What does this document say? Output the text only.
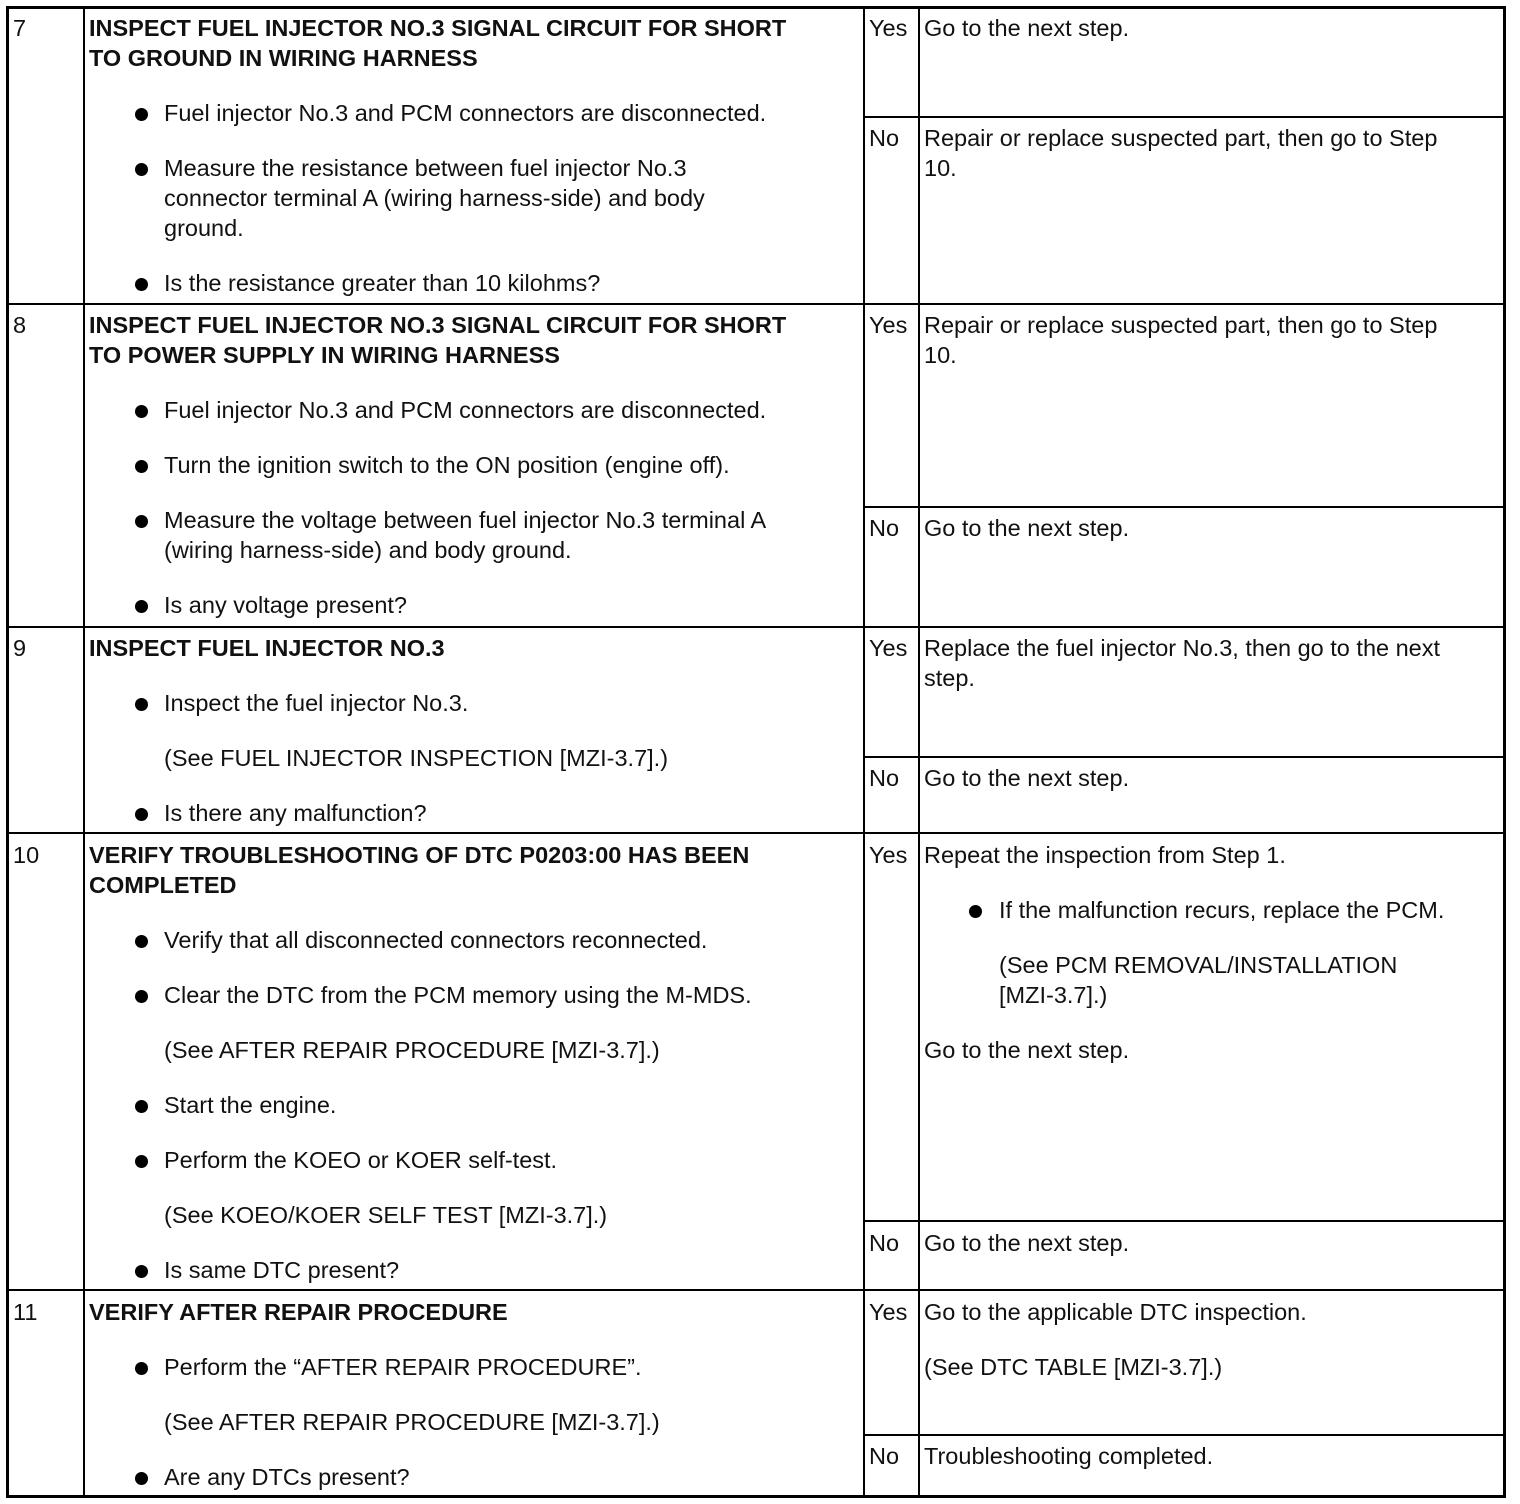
7	INSPECT FUEL INJECTOR NO.3 SIGNAL CIRCUIT FOR SHORT
TO GROUND IN WIRING HARNESS
Fuel injector No.3 and PCM connectors are disconnected.
Measure the resistance between fuel injector No.3
connector terminal A (wiring harness-side) and body
ground.
Is the resistance greater than 10 kilohms?
Yes Go to the next step.
No Repair or replace suspected part, then go to Step
10.
8	INSPECT FUEL INJECTOR NO.3 SIGNAL CIRCUIT FOR SHORT
TO POWER SUPPLY IN WIRING HARNESS
Fuel injector No.3 and PCM connectors are disconnected.
Turn the ignition switch to the ON position (engine off).
Measure the voltage between fuel injector No.3 terminal A
(wiring harness-side) and body ground.
Is any voltage present?
Yes Repair or replace suspected part, then go to Step
10.
No Go to the next step.
9	INSPECT FUEL INJECTOR NO.3
Inspect the fuel injector No.3.
(See FUEL INJECTOR INSPECTION [MZI-3.7].)
Is there any malfunction?
Yes Replace the fuel injector No.3, then go to the next
step.
No Go to the next step.
10 VERIFY TROUBLESHOOTING OF DTC P0203:00 HAS BEEN
COMPLETED
Verify that all disconnected connectors reconnected.
Clear the DTC from the PCM memory using the M-MDS.
(See AFTER REPAIR PROCEDURE [MZI-3.7].)
Start the engine.
Perform the KOEO or KOER self-test.
(See KOEO/KOER SELF TEST [MZI-3.7].)
Is same DTC present?
Yes Repeat the inspection from Step 1.
If the malfunction recurs, replace the PCM.
(See PCM REMOVAL/INSTALLATION
[MZI-3.7].)
Go to the next step.
No Go to the next step.
11 VERIFY AFTER REPAIR PROCEDURE
Perform the “AFTER REPAIR PROCEDURE”.
(See AFTER REPAIR PROCEDURE [MZI-3.7].)
Are any DTCs present?
Yes Go to the applicable DTC inspection.
(See DTC TABLE [MZI-3.7].)
No Troubleshooting completed.
